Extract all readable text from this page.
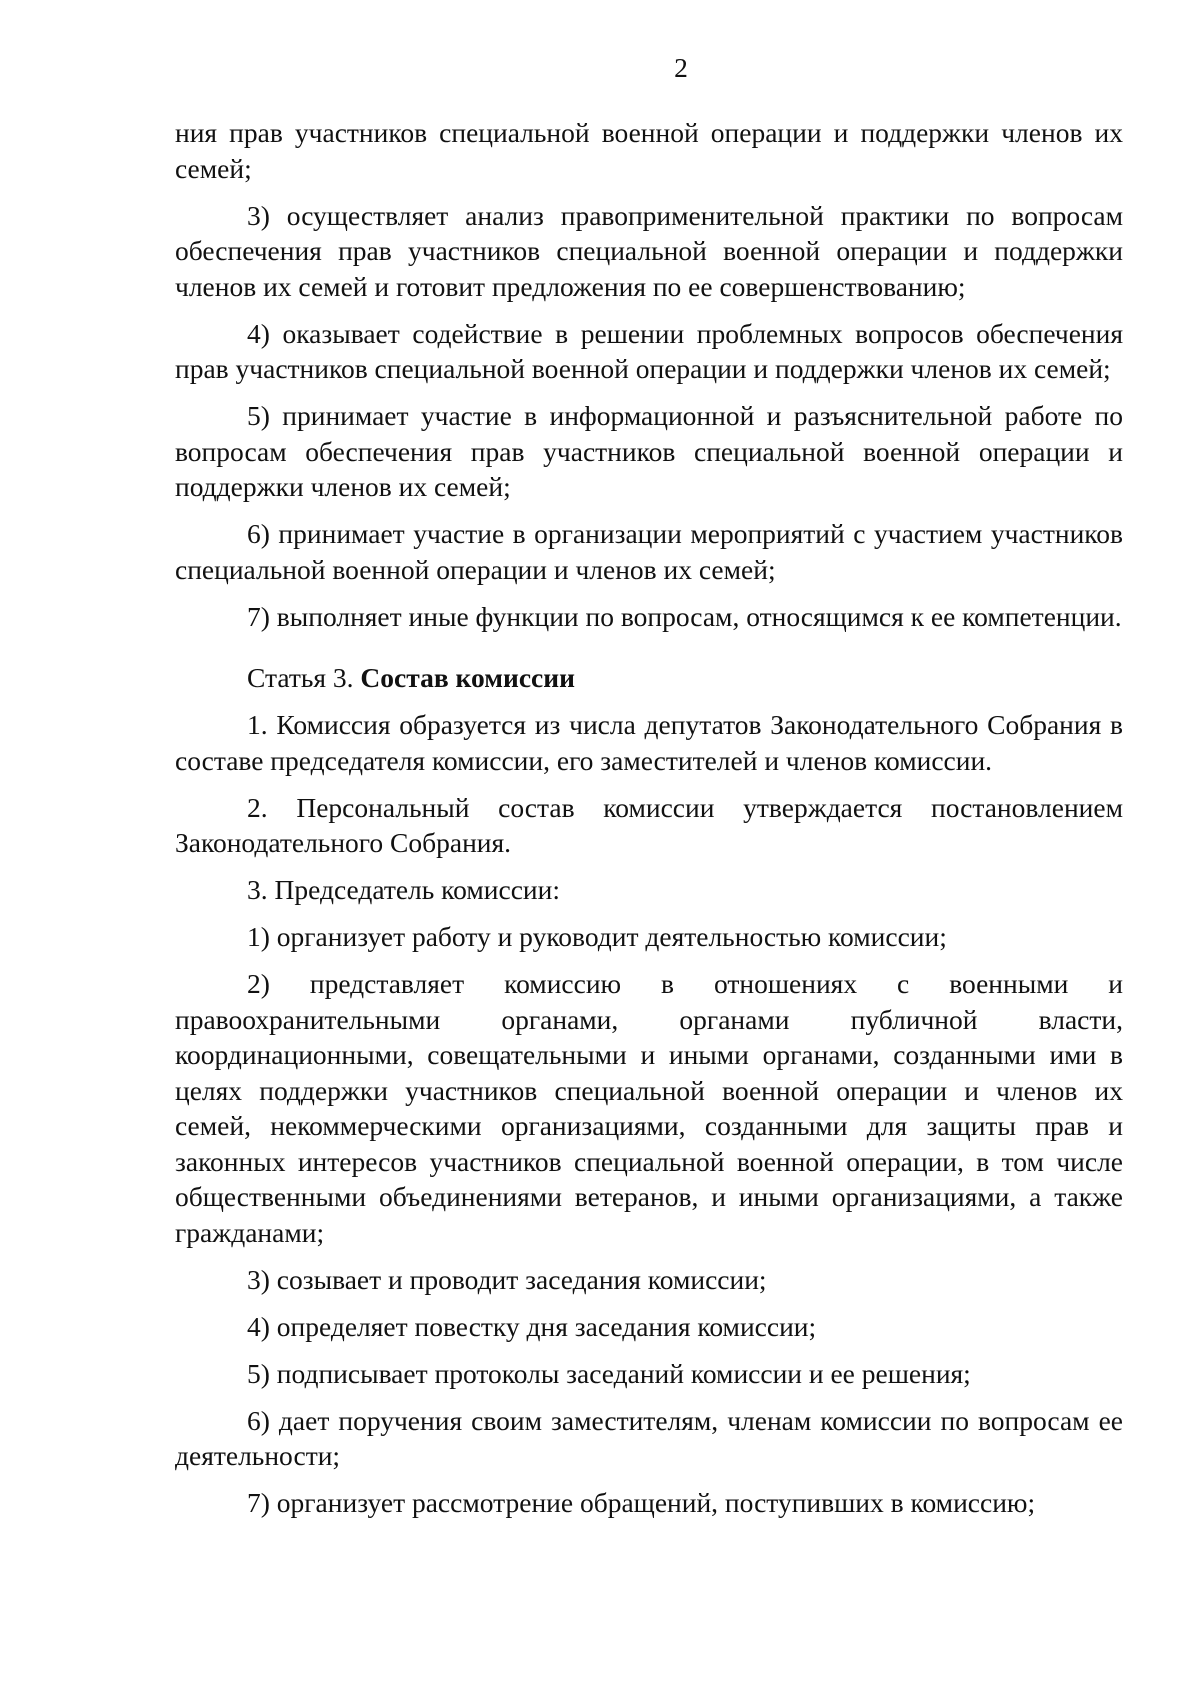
2

ния прав участников специальной военной операции и поддержки членов их семей;

3) осуществляет анализ правоприменительной практики по вопросам обеспечения прав участников специальной военной операции и поддержки членов их семей и готовит предложения по ее совершенствованию;

4) оказывает содействие в решении проблемных вопросов обеспечения прав участников специальной военной операции и поддержки членов их семей;

5) принимает участие в информационной и разъяснительной работе по вопросам обеспечения прав участников специальной военной операции и поддержки членов их семей;

6) принимает участие в организации мероприятий с участием участников специальной военной операции и членов их семей;

7) выполняет иные функции по вопросам, относящимся к ее компетенции.

Статья 3. Состав комиссии

1. Комиссия образуется из числа депутатов Законодательного Собрания в составе председателя комиссии, его заместителей и членов комиссии.

2. Персональный состав комиссии утверждается постановлением Законодательного Собрания.

3. Председатель комиссии:

1) организует работу и руководит деятельностью комиссии;

2) представляет комиссию в отношениях с военными и правоохранительными органами, органами публичной власти, координационными, совещательными и иными органами, созданными ими в целях поддержки участников специальной военной операции и членов их семей, некоммерческими организациями, созданными для защиты прав и законных интересов участников специальной военной операции, в том числе общественными объединениями ветеранов, и иными организациями, а также гражданами;

3) созывает и проводит заседания комиссии;

4) определяет повестку дня заседания комиссии;

5) подписывает протоколы заседаний комиссии и ее решения;

6) дает поручения своим заместителям, членам комиссии по вопросам ее деятельности;

7) организует рассмотрение обращений, поступивших в комиссию;
